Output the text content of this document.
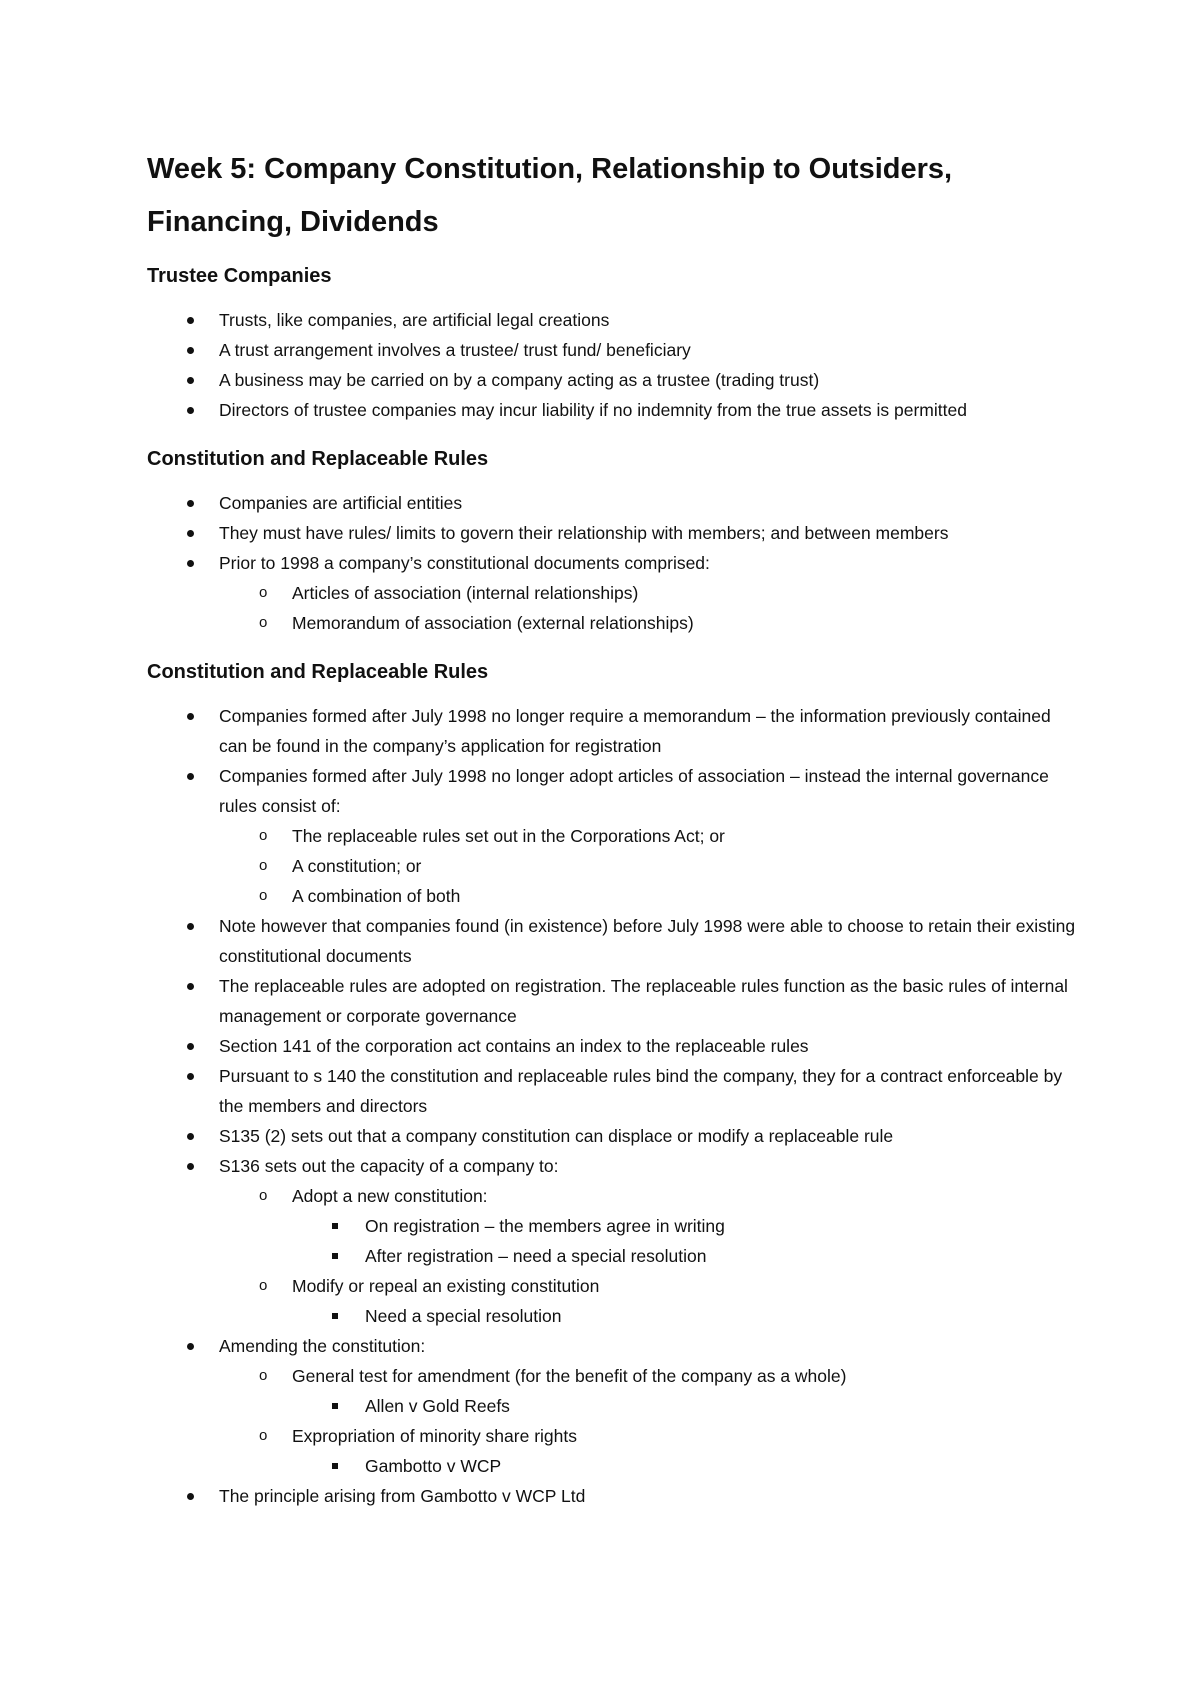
Week 5: Company Constitution, Relationship to Outsiders, Financing, Dividends
Trustee Companies
Trusts, like companies, are artificial legal creations
A trust arrangement involves a trustee/ trust fund/ beneficiary
A business may be carried on by a company acting as a trustee (trading trust)
Directors of trustee companies may incur liability if no indemnity from the true assets is permitted
Constitution and Replaceable Rules
Companies are artificial entities
They must have rules/ limits to govern their relationship with members; and between members
Prior to 1998 a company’s constitutional documents comprised:
o Articles of association (internal relationships)
o Memorandum of association (external relationships)
Constitution and Replaceable Rules
Companies formed after July 1998 no longer require a memorandum – the information previously contained can be found in the company’s application for registration
Companies formed after July 1998 no longer adopt articles of association – instead the internal governance rules consist of:
o The replaceable rules set out in the Corporations Act; or
o A constitution; or
o A combination of both
Note however that companies found (in existence) before July 1998 were able to choose to retain their existing constitutional documents
The replaceable rules are adopted on registration. The replaceable rules function as the basic rules of internal management or corporate governance
Section 141 of the corporation act contains an index to the replaceable rules
Pursuant to s 140 the constitution and replaceable rules bind the company, they for a contract enforceable by the members and directors
S135 (2) sets out that a company constitution can displace or modify a replaceable rule
S136 sets out the capacity of a company to:
o Adopt a new constitution:
On registration – the members agree in writing
After registration – need a special resolution
o Modify or repeal an existing constitution
Need a special resolution
Amending the constitution:
o General test for amendment (for the benefit of the company as a whole)
Allen v Gold Reefs
o Expropriation of minority share rights
Gambotto v WCP
The principle arising from Gambotto v WCP Ltd
